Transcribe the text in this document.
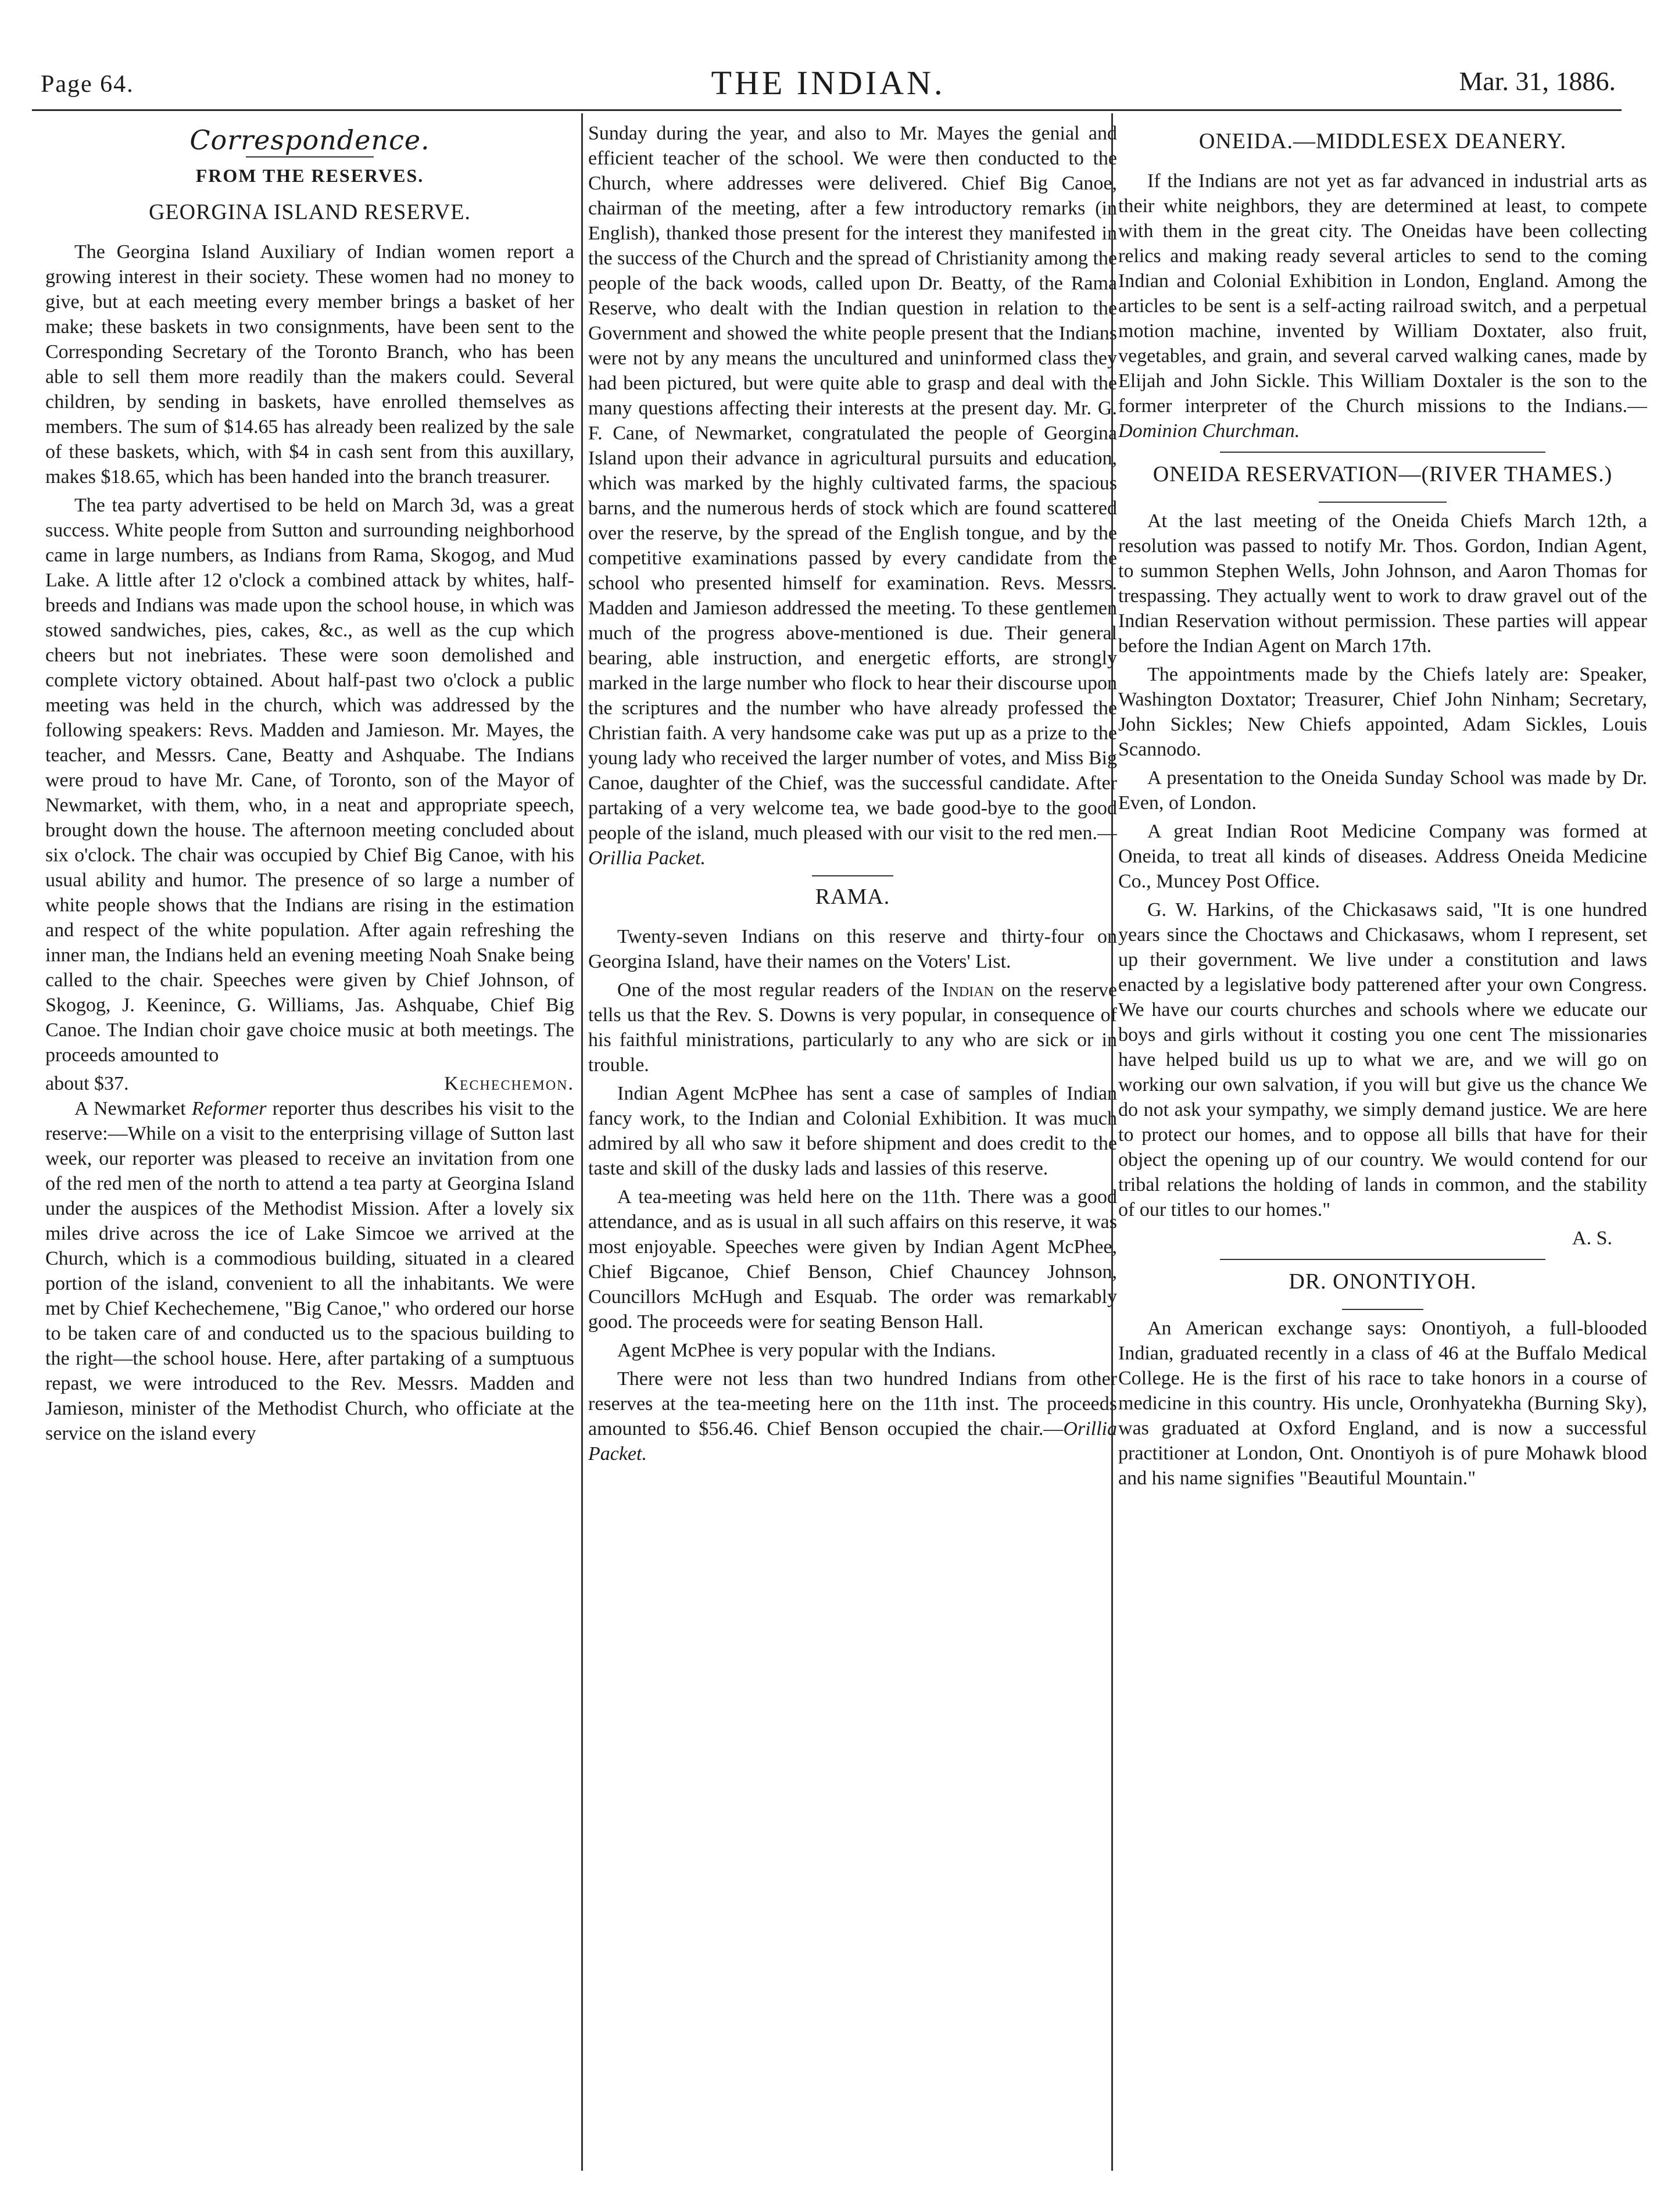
Page 64.	THE INDIAN.	Mar. 31, 1886.
Correspondence.
FROM THE RESERVES.
GEORGINA ISLAND RESERVE.

The Georgina Island Auxiliary of Indian women report a growing interest in their society. These women had no money to give, but at each meeting every member brings a basket of her make; these baskets in two consignments, have been sent to the Corresponding Secretary of the Toronto Branch, who has been able to sell them more readily than the makers could. Several children, by sending in baskets, have enrolled themselves as members. The sum of $14.65 has already been realized by the sale of these baskets, which, with $4 in cash sent from this auxillary, makes $18.65, which has been handed into the branch treasurer.

The tea party advertised to be held on March 3d, was a great success. White people from Sutton and surrounding neighborhood came in large numbers, as Indians from Rama, Skogog, and Mud Lake. A little after 12 o'clock a combined attack by whites, half-breeds and Indians was made upon the school house, in which was stowed sandwiches, pies, cakes, &c., as well as the cup which cheers but not inebriates. These were soon demolished and complete victory obtained. About half-past two o'clock a public meeting was held in the church, which was addressed by the following speakers: Revs. Madden and Jamieson. Mr. Mayes, the teacher, and Messrs. Cane, Beatty and Ashquabe. The Indians were proud to have Mr. Cane, of Toronto, son of the Mayor of Newmarket, with them, who, in a neat and appropriate speech, brought down the house. The afternoon meeting concluded about six o'clock. The chair was occupied by Chief Big Canoe, with his usual ability and humor. The presence of so large a number of white people shows that the Indians are rising in the estimation and respect of the white population. After again refreshing the inner man, the Indians held an evening meeting Noah Snake being called to the chair. Speeches were given by Chief Johnson, of Skogog, J. Keenince, G. Williams, Jas. Ashquabe, Chief Big Canoe. The Indian choir gave choice music at both meetings. The proceeds amounted to

about $37.	Kechechemon.

A Newmarket Reformer reporter thus describes his visit to the reserve:—While on a visit to the enterprising village of Sutton last week, our reporter was pleased to receive an invitation from one of the red men of the north to attend a tea party at Georgina Island under the auspices of the Methodist Mission. After a lovely six miles drive across the ice of Lake Simcoe we arrived at the Church, which is a commodious building, situated in a cleared portion of the island, convenient to all the inhabitants. We were met by Chief Kechechemene, "Big Canoe," who ordered our horse to be taken care of and conducted us to the spacious building to the right—the school house. Here, after partaking of a sumptuous repast, we were introduced to the Rev. Messrs. Madden and Jamieson, minister of the Methodist Church, who officiate at the service on the island every

Sunday during the year, and also to Mr. Mayes the genial and efficient teacher of the school. We were then conducted to the Church, where addresses were delivered. Chief Big Canoe, chairman of the meeting, after a few introductory remarks (in English), thanked those present for the interest they manifested in the success of the Church and the spread of Christianity among the people of the back woods, called upon Dr. Beatty, of the Rama Reserve, who dealt with the Indian question in relation to the Government and showed the white people present that the Indians were not by any means the uncultured and uninformed class they had been pictured, but were quite able to grasp and deal with the many questions affecting their interests at the present day. Mr. G. F. Cane, of Newmarket, congratulated the people of Georgina Island upon their advance in agricultural pursuits and education, which was marked by the highly cultivated farms, the spacious barns, and the numerous herds of stock which are found scattered over the reserve, by the spread of the English tongue, and by the competitive examinations passed by every candidate from the school who presented himself for examination. Revs. Messrs. Madden and Jamieson addressed the meeting. To these gentlemen much of the progress above-mentioned is due. Their general bearing, able instruction, and energetic efforts, are strongly marked in the large number who flock to hear their discourse upon the scriptures and the number who have already professed the Christian faith. A very handsome cake was put up as a prize to the young lady who received the larger number of votes, and Miss Big Canoe, daughter of the Chief, was the successful candidate. After partaking of a very welcome tea, we bade good-bye to the good people of the island, much pleased with our visit to the red men.—Orillia Packet.

RAMA.

Twenty-seven Indians on this reserve and thirty-four on Georgina Island, have their names on the Voters' List.

One of the most regular readers of the Indian on the reserve tells us that the Rev. S. Downs is very popular, in consequence of his faithful ministrations, particularly to any who are sick or in trouble.

Indian Agent McPhee has sent a case of samples of Indian fancy work, to the Indian and Colonial Exhibition. It was much admired by all who saw it before shipment and does credit to the taste and skill of the dusky lads and lassies of this reserve.

A tea-meeting was held here on the 11th. There was a good attendance, and as is usual in all such affairs on this reserve, it was most enjoyable. Speeches were given by Indian Agent McPhee, Chief Bigcanoe, Chief Benson, Chief Chauncey Johnson, Councillors McHugh and Esquab. The order was remarkably good. The proceeds were for seating Benson Hall.

Agent McPhee is very popular with the Indians.

There were not less than two hundred Indians from other reserves at the tea-meeting here on the 11th inst. The proceeds amounted to $56.46. Chief Benson occupied the chair.—Orillia Packet.

ONEIDA.—MIDDLESEX DEANERY.

If the Indians are not yet as far advanced in industrial arts as their white neighbors, they are determined at least, to compete with them in the great city. The Oneidas have been collecting relics and making ready several articles to send to the coming Indian and Colonial Exhibition in London, England. Among the articles to be sent is a self-acting railroad switch, and a perpetual motion machine, invented by William Doxtater, also fruit, vegetables, and grain, and several carved walking canes, made by Elijah and John Sickle. This William Doxtaler is the son to the former interpreter of the Church missions to the Indians.—Dominion Churchman.

ONEIDA RESERVATION—(RIVER THAMES.)

At the last meeting of the Oneida Chiefs March 12th, a resolution was passed to notify Mr. Thos. Gordon, Indian Agent, to summon Stephen Wells, John Johnson, and Aaron Thomas for trespassing. They actually went to work to draw gravel out of the Indian Reservation without permission. These parties will appear before the Indian Agent on March 17th.

The appointments made by the Chiefs lately are: Speaker, Washington Doxtator; Treasurer, Chief John Ninham; Secretary, John Sickles; New Chiefs appointed, Adam Sickles, Louis Scannodo.

A presentation to the Oneida Sunday School was made by Dr. Even, of London.

A great Indian Root Medicine Company was formed at Oneida, to treat all kinds of diseases. Address Oneida Medicine Co., Muncey Post Office.

G. W. Harkins, of the Chickasaws said, "It is one hundred years since the Choctaws and Chickasaws, whom I represent, set up their government. We live under a constitution and laws enacted by a legislative body patterened after your own Congress. We have our courts churches and schools where we educate our boys and girls without it costing you one cent The missionaries have helped build us up to what we are, and we will go on working our own salvation, if you will but give us the chance We do not ask your sympathy, we simply demand justice. We are here to protect our homes, and to oppose all bills that have for their object the opening up of our country. We would contend for our tribal relations the holding of lands in common, and the stability of our titles to our homes."

A. S.
DR. ONONTIYOH.

An American exchange says: Onontiyoh, a full-blooded Indian, graduated recently in a class of 46 at the Buffalo Medical College. He is the first of his race to take honors in a course of medicine in this country. His uncle, Oronhyatekha (Burning Sky), was graduated at Oxford England, and is now a successful practitioner at London, Ont. Onontiyoh is of pure Mohawk blood and his name signifies "Beautiful Mountain."
